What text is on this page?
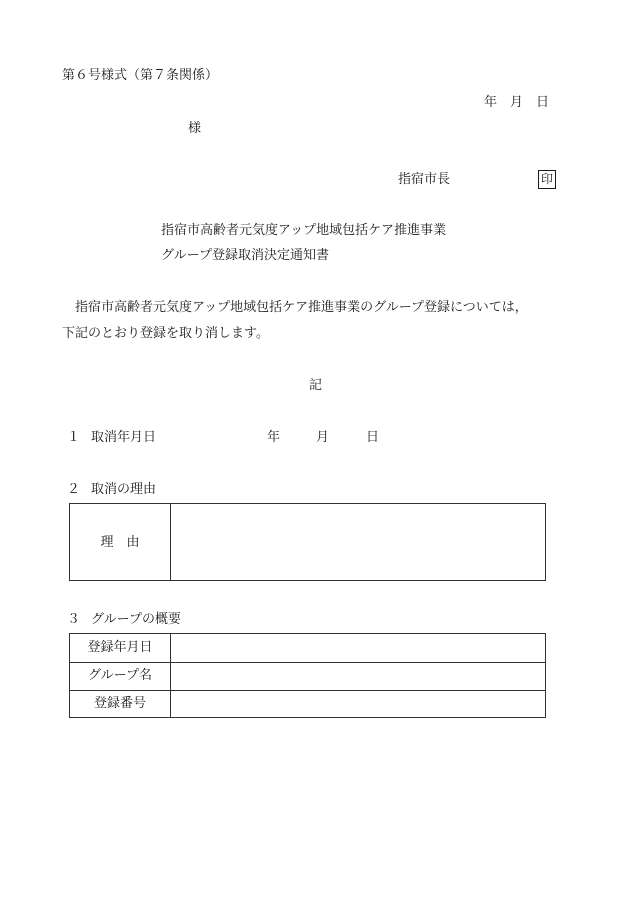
第６号様式（第７条関係）
年　月　日
様
指宿市長	印
指宿市高齢者元気度アップ地域包括ケア推進事業
グループ登録取消決定通知書
指宿市高齢者元気度アップ地域包括ケア推進事業のグループ登録については，
下記のとおり登録を取り消します。
記
１ 取消年月日	年	月	日
２ 取消の理由
理　由
３ グループの概要
登録年月日
グループ名
登録番号
